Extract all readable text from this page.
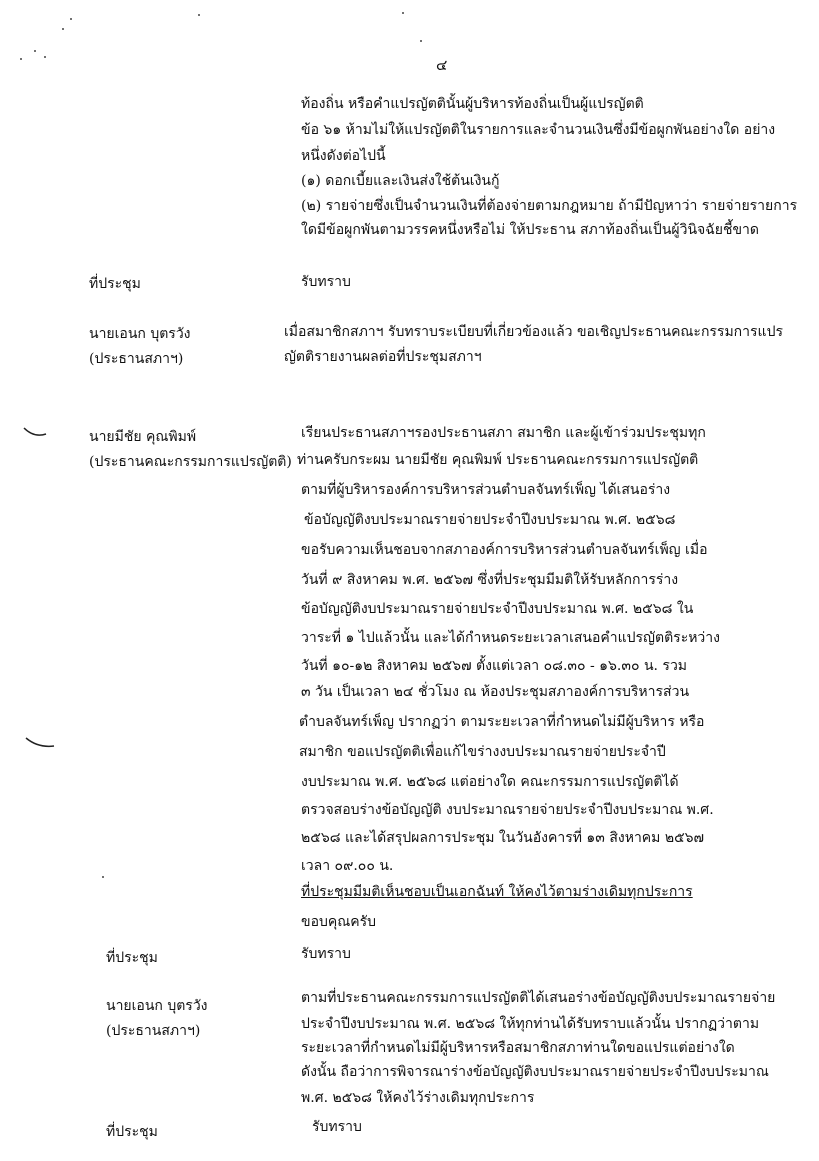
๔
ท้องถิ่น หรือคำแปรญัตตินั้นผู้บริหารท้องถิ่นเป็นผู้แปรญัตติ
ข้อ ๖๑ ห้ามไม่ให้แปรญัตติในรายการและจำนวนเงินซึ่งมีข้อผูกพันอย่างใด อย่าง
หนึ่งดังต่อไปนี้
(๑) ดอกเบี้ยและเงินส่งใช้ต้นเงินกู้
(๒) รายจ่ายซึ่งเป็นจำนวนเงินที่ต้องจ่ายตามกฎหมาย ถ้ามีปัญหาว่า รายจ่ายรายการ
ใดมีข้อผูกพันตามวรรคหนึ่งหรือไม่ ให้ประธาน สภาท้องถิ่นเป็นผู้วินิจฉัยชี้ขาด
ที่ประชุม	รับทราบ
นายเอนก บุตรวัง
(ประธานสภาฯ)
เมื่อสมาชิกสภาฯ รับทราบระเบียบที่เกี่ยวข้องแล้ว ขอเชิญประธานคณะกรรมการแปร
ญัตติรายงานผลต่อที่ประชุมสภาฯ
นายมีชัย คุณพิมพ์
(ประธานคณะกรรมการแปรญัตติ)
เรียนประธานสภาฯรองประธานสภา สมาชิก และผู้เข้าร่วมประชุมทุก
ท่านครับกระผม นายมีชัย คุณพิมพ์ ประธานคณะกรรมการแปรญัตติ
ตามที่ผู้บริหารองค์การบริหารส่วนตำบลจันทร์เพ็ญ ได้เสนอร่าง
ข้อบัญญัติงบประมาณรายจ่ายประจำปีงบประมาณ พ.ศ. ๒๕๖๘
ขอรับความเห็นชอบจากสภาองค์การบริหารส่วนตำบลจันทร์เพ็ญ เมื่อ
วันที่ ๙ สิงหาคม พ.ศ. ๒๕๖๗ ซึ่งที่ประชุมมีมติให้รับหลักการร่าง
ข้อบัญญัติงบประมาณรายจ่ายประจำปีงบประมาณ พ.ศ. ๒๕๖๘ ใน
วาระที่ ๑ ไปแล้วนั้น และได้กำหนดระยะเวลาเสนอคำแปรญัตติระหว่าง
วันที่ ๑๐-๑๒ สิงหาคม ๒๕๖๗ ตั้งแต่เวลา ๐๘.๓๐ - ๑๖.๓๐ น. รวม
๓ วัน เป็นเวลา ๒๔ ชั่วโมง ณ ห้องประชุมสภาองค์การบริหารส่วน
ตำบลจันทร์เพ็ญ ปรากฏว่า ตามระยะเวลาที่กำหนดไม่มีผู้บริหาร หรือ
สมาชิก ขอแปรญัตติเพื่อแก้ไขร่างงบประมาณรายจ่ายประจำปี
งบประมาณ พ.ศ. ๒๕๖๘ แต่อย่างใด คณะกรรมการแปรญัตติได้
ตรวจสอบร่างข้อบัญญัติ งบประมาณรายจ่ายประจำปีงบประมาณ พ.ศ.
๒๕๖๘ และได้สรุปผลการประชุม ในวันอังคารที่ ๑๓ สิงหาคม ๒๕๖๗
เวลา ๐๙.๐๐ น.
ที่ประชุมมีมติเห็นชอบเป็นเอกฉันท์ ให้คงไว้ตามร่างเดิมทุกประการ
ขอบคุณครับ
ที่ประชุม	รับทราบ
นายเอนก บุตรวัง
(ประธานสภาฯ)
ตามที่ประธานคณะกรรมการแปรญัตติได้เสนอร่างข้อบัญญัติงบประมาณรายจ่าย
ประจำปีงบประมาณ พ.ศ. ๒๕๖๘ ให้ทุกท่านได้รับทราบแล้วนั้น ปรากฏว่าตาม
ระยะเวลาที่กำหนดไม่มีผู้บริหารหรือสมาชิกสภาท่านใดขอแปรแต่อย่างใด
ดังนั้น ถือว่าการพิจารณาร่างข้อบัญญัติงบประมาณรายจ่ายประจำปีงบประมาณ
พ.ศ. ๒๕๖๘ ให้คงไว้ร่างเดิมทุกประการ
ที่ประชุม	รับทราบ
